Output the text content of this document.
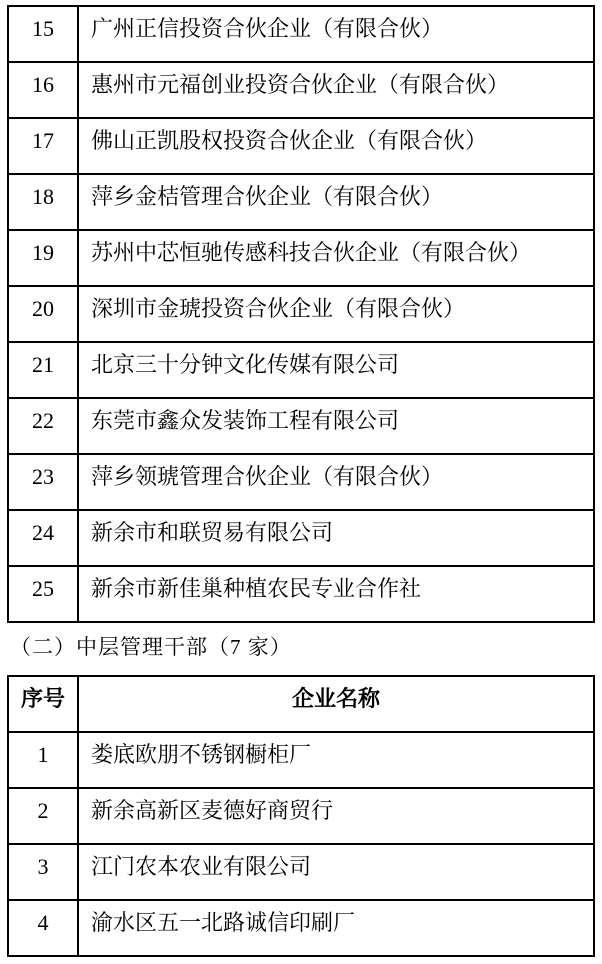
15	广州正信投资合伙企业（有限合伙）
16	惠州市元福创业投资合伙企业（有限合伙）
17	佛山正凯股权投资合伙企业（有限合伙）
18	萍乡金桔管理合伙企业（有限合伙）
19	苏州中芯恒驰传感科技合伙企业（有限合伙）
20	深圳市金琥投资合伙企业（有限合伙）
21	北京三十分钟文化传媒有限公司
22	东莞市鑫众发装饰工程有限公司
23	萍乡领琥管理合伙企业（有限合伙）
24	新余市和联贸易有限公司
25	新余市新佳巢种植农民专业合作社
（二）中层管理干部（7 家）
序号	企业名称
1	娄底欧朋不锈钢橱柜厂
2	新余高新区麦德好商贸行
3	江门农本农业有限公司
4	渝水区五一北路诚信印刷厂
